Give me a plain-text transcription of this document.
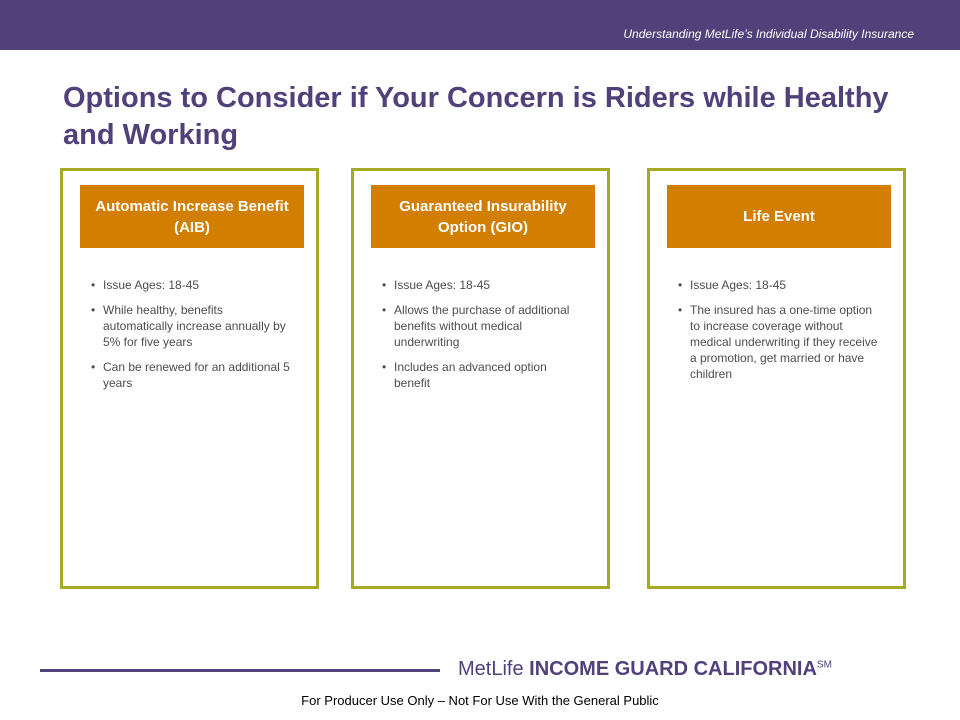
Understanding MetLife’s Individual Disability Insurance
Options to Consider if Your Concern is Riders while Healthy and Working
Automatic Increase Benefit (AIB)
• Issue Ages: 18-45
• While healthy, benefits automatically increase annually by 5% for five years
• Can be renewed for an additional 5 years
Guaranteed Insurability Option (GIO)
• Issue Ages: 18-45
• Allows the purchase of additional benefits without medical underwriting
• Includes an advanced option benefit
Life Event
• Issue Ages: 18-45
• The insured has a one-time option to increase coverage without medical underwriting if they receive a promotion, get married or have children
MetLife INCOME GUARD CALIFORNIA℠
For Producer Use Only – Not For Use With the General Public
